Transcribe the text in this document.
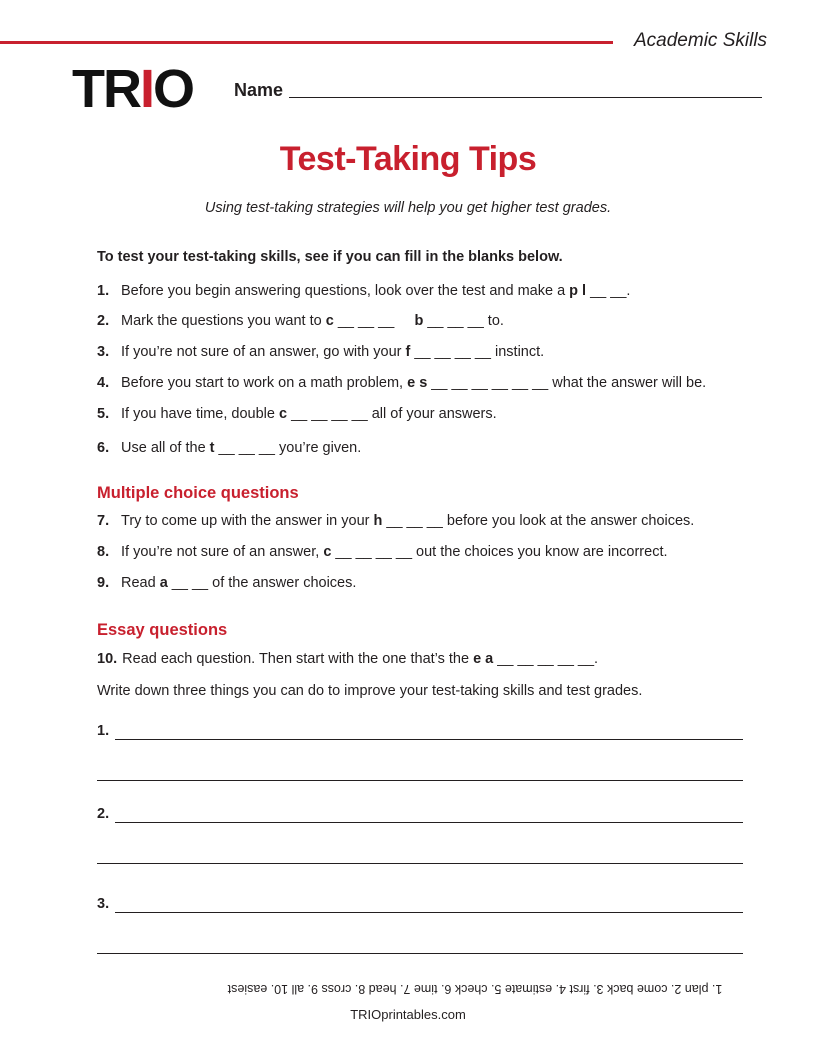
Academic Skills
TRIO Name
Test-Taking Tips
Using test-taking strategies will help you get higher test grades.
To test your test-taking skills, see if you can fill in the blanks below.
1. Before you begin answering questions, look over the test and make a p l __ __.
2. Mark the questions you want to c __ __ __     b __ __ __ to.
3. If you’re not sure of an answer, go with your f __ __ __ __ instinct.
4. Before you start to work on a math problem, e s __ __ __ __ __ __ what the answer will be.
5. If you have time, double c __ __ __ __ all of your answers.
6. Use all of the t __ __ __ you’re given.
Multiple choice questions
7. Try to come up with the answer in your h __ __ __ before you look at the answer choices.
8. If you’re not sure of an answer, c __ __ __ __ out the choices you know are incorrect.
9. Read a __ __ of the answer choices.
Essay questions
10. Read each question. Then start with the one that’s the e a __ __ __ __ __.
Write down three things you can do to improve your test-taking skills and test grades.
1.
2.
3.
1. plan 2. come back 3. first 4. estimate 5. check 6. time 7. head 8. cross 9. all 10. easiest
TRIOprintables.com
